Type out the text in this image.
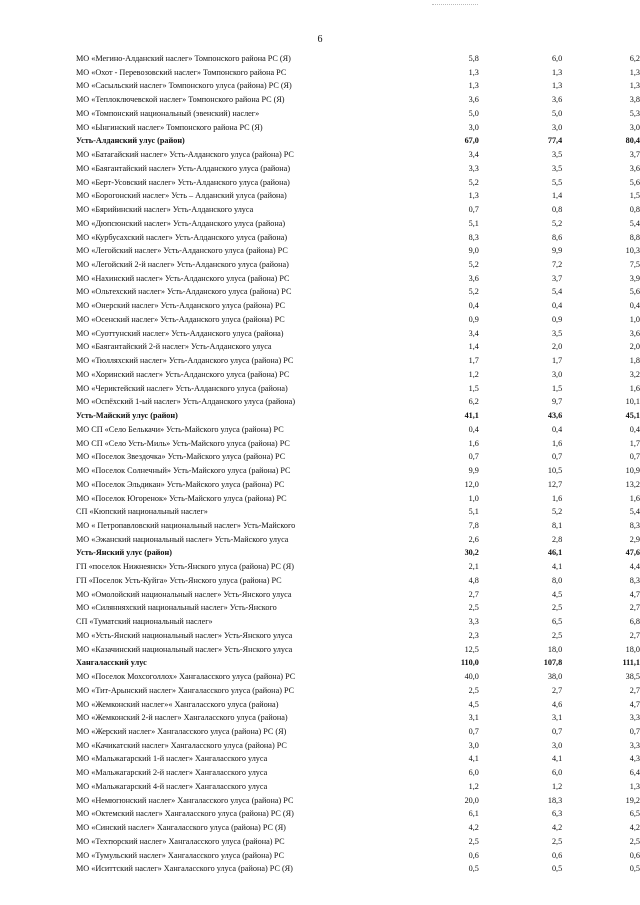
6
МО «Мегино-Алданский наслег» Томпонского района РС (Я)	5,8	6,0	6,2
МО «Охот - Перевозовский наслег» Томпонского района РС	1,3	1,3	1,3
МО «Сасыльский наслег» Томпонского улуса (района) РС (Я)	1,3	1,3	1,3
МО «Теплоключевской наслег» Томпонского района РС (Я)	3,6	3,6	3,8
МО «Томпонский национальный (эвенский) наслег»	5,0	5,0	5,3
МО «Ынгинский наслег» Томпонского района РС (Я)	3,0	3,0	3,0
Усть-Алданский улус (район)	67,0	77,4	80,4
МО «Батагайский наслег» Усть-Алданского улуса (района) РС	3,4	3,5	3,7
МО «Баягантайский наслег» Усть-Алданского улуса (района)	3,3	3,5	3,6
МО «Берт-Усовский наслег» Усть-Алданского улуса (района)	5,2	5,5	5,6
МО «Борогонский наслег» Усть – Алданский улуса (района)	1,3	1,4	1,5
МО «Бярийинский наслег» Усть-Алданского улуса	0,7	0,8	0,8
МО «Дюпсюнский наслег» Усть-Алданского улуса (района)	5,1	5,2	5,4
МО «Курбусахский наслег» Усть-Алданского улуса (района)	8,3	8,6	8,8
МО «Легойский наслег» Усть-Алданского улуса (района) РС	9,0	9,9	10,3
МО «Легойский 2-й наслег» Усть-Алданского улуса (района)	5,2	7,2	7,5
МО «Нахинский наслег» Усть-Алданского улуса (района) РС	3,6	3,7	3,9
МО «Ольтехский наслег» Усть-Алданского улуса (района) РС	5,2	5,4	5,6
МО «Онерский наслег» Усть-Алданского улуса (района) РС	0,4	0,4	0,4
МО «Осенский наслег» Усть-Алданского улуса (района) РС	0,9	0,9	1,0
МО «Суоттунский наслег» Усть-Алданского улуса (района)	3,4	3,5	3,6
МО «Баягантайский 2-й наслег» Усть-Алданского улуса	1,4	2,0	2,0
МО «Тюлляхский наслег» Усть-Алданского улуса (района) РС	1,7	1,7	1,8
МО «Хоринский наслег» Усть-Алданского улуса (района) РС	1,2	3,0	3,2
МО «Чериктейский наслег» Усть-Алданского улуса (района)	1,5	1,5	1,6
МО «Оспёхский 1-ый наслег» Усть-Алданского улуса (района)	6,2	9,7	10,1
Усть-Майский улус (район)	41,1	43,6	45,1
МО СП «Село Белькачи» Усть-Майского улуса (района) РС	0,4	0,4	0,4
МО СП «Село Усть-Миль» Усть-Майского улуса (района) РС	1,6	1,6	1,7
МО «Поселок Звездочка» Усть-Майского улуса (района) РС	0,7	0,7	0,7
МО «Поселок Солнечный» Усть-Майского улуса (района) РС	9,9	10,5	10,9
МО «Поселок Эльдикан» Усть-Майского улуса (района) РС	12,0	12,7	13,2
МО «Поселок Югоренок» Усть-Майского улуса (района) РС	1,0	1,6	1,6
СП «Кюпский национальный наслег»	5,1	5,2	5,4
МО « Петропавловский национальный наслег» Усть-Майского	7,8	8,1	8,3
МО «Эжанский национальный наслег» Усть-Майского улуса	2,6	2,8	2,9
Усть-Янский улус (район)	30,2	46,1	47,6
ГП «поселок Нижнеянск» Усть-Янского улуса (района) РС (Я)	2,1	4,1	4,4
ГП «Поселок Усть-Куйга» Усть-Янского улуса (района) РС	4,8	8,0	8,3
МО «Омолойский национальный наслег» Усть-Янского улуса	2,7	4,5	4,7
МО «Силянняхский национальный наслег» Усть-Янского	2,5	2,5	2,7
СП «Туматский национальный наслег»	3,3	6,5	6,8
МО «Усть-Янский национальный наслег» Усть-Янского улуса	2,3	2,5	2,7
МО «Казачинский национальный наслег» Усть-Янского улуса	12,5	18,0	18,0
Хангаласский улус	110,0	107,8	111,1
МО «Поселок Мохсоголлох» Хангаласского улуса (района) РС	40,0	38,0	38,5
МО «Тит-Арынский наслег» Хангаласского улуса (района) РС	2,5	2,7	2,7
МО «Жемконский наслег»« Хангаласского улуса (района)	4,5	4,6	4,7
МО «Жемконский 2-й наслег» Хангаласского улуса (района)	3,1	3,1	3,3
МО «Жерский наслег» Хангаласского улуса (района) РС (Я)	0,7	0,7	0,7
МО «Качикатский наслег» Хангаласского улуса (района) РС	3,0	3,0	3,3
МО «Мальжагарский 1-й наслег» Хангаласского улуса	4,1	4,1	4,3
МО «Мальжагарский 2-й наслег» Хангаласского улуса	6,0	6,0	6,4
МО «Мальжагарский 4-й наслег» Хангаласского улуса	1,2	1,2	1,3
МО «Немюгюнский наслег» Хангаласского улуса (района) РС	20,0	18,3	19,2
МО «Октемский наслег» Хангаласского улуса (района) РС (Я)	6,1	6,3	6,5
МО «Синский наслег» Хангаласского улуса (района) РС (Я)	4,2	4,2	4,2
МО «Техтюрский наслег» Хангаласского улуса (района) РС	2,5	2,5	2,5
МО «Тумульский наслег» Хангаласского улуса (района) РС	0,6	0,6	0,6
МО «Иситтский наслег» Хангаласского улуса (района) РС (Я)	0,5	0,5	0,5
